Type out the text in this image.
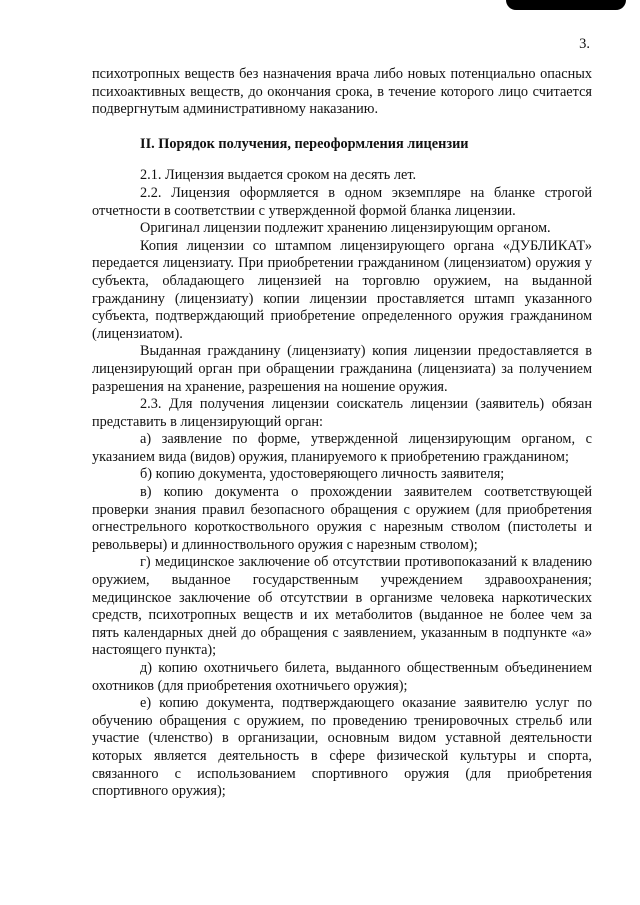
3.

психотропных веществ без назначения врача либо новых потенциально опасных психоактивных веществ, до окончания срока, в течение которого лицо считается подвергнутым административному наказанию.

II. Порядок получения, переоформления лицензии

2.1. Лицензия выдается сроком на десять лет.

2.2. Лицензия оформляется в одном экземпляре на бланке строгой отчетности в соответствии с утвержденной формой бланка лицензии.

Оригинал лицензии подлежит хранению лицензирующим органом.

Копия лицензии со штампом лицензирующего органа «ДУБЛИКАТ» передается лицензиату. При приобретении гражданином (лицензиатом) оружия у субъекта, обладающего лицензией на торговлю оружием, на выданной гражданину (лицензиату) копии лицензии проставляется штамп указанного субъекта, подтверждающий приобретение определенного оружия гражданином (лицензиатом).

Выданная гражданину (лицензиату) копия лицензии предоставляется в лицензирующий орган при обращении гражданина (лицензиата) за получением разрешения на хранение, разрешения на ношение оружия.

2.3. Для получения лицензии соискатель лицензии (заявитель) обязан представить в лицензирующий орган:

а) заявление по форме, утвержденной лицензирующим органом, с указанием вида (видов) оружия, планируемого к приобретению гражданином;

б) копию документа, удостоверяющего личность заявителя;

в) копию документа о прохождении заявителем соответствующей проверки знания правил безопасного обращения с оружием (для приобретения огнестрельного короткоствольного оружия с нарезным стволом (пистолеты и револьверы) и длинноствольного оружия с нарезным стволом);

г) медицинское заключение об отсутствии противопоказаний к владению оружием, выданное государственным учреждением здравоохранения; медицинское заключение об отсутствии в организме человека наркотических средств, психотропных веществ и их метаболитов (выданное не более чем за пять календарных дней до обращения с заявлением, указанным в подпункте «а» настоящего пункта);

д) копию охотничьего билета, выданного общественным объединением охотников (для приобретения охотничьего оружия);

е) копию документа, подтверждающего оказание заявителю услуг по обучению обращения с оружием, по проведению тренировочных стрельб или участие (членство) в организации, основным видом уставной деятельности которых является деятельность в сфере физической культуры и спорта, связанного с использованием спортивного оружия (для приобретения спортивного оружия);
